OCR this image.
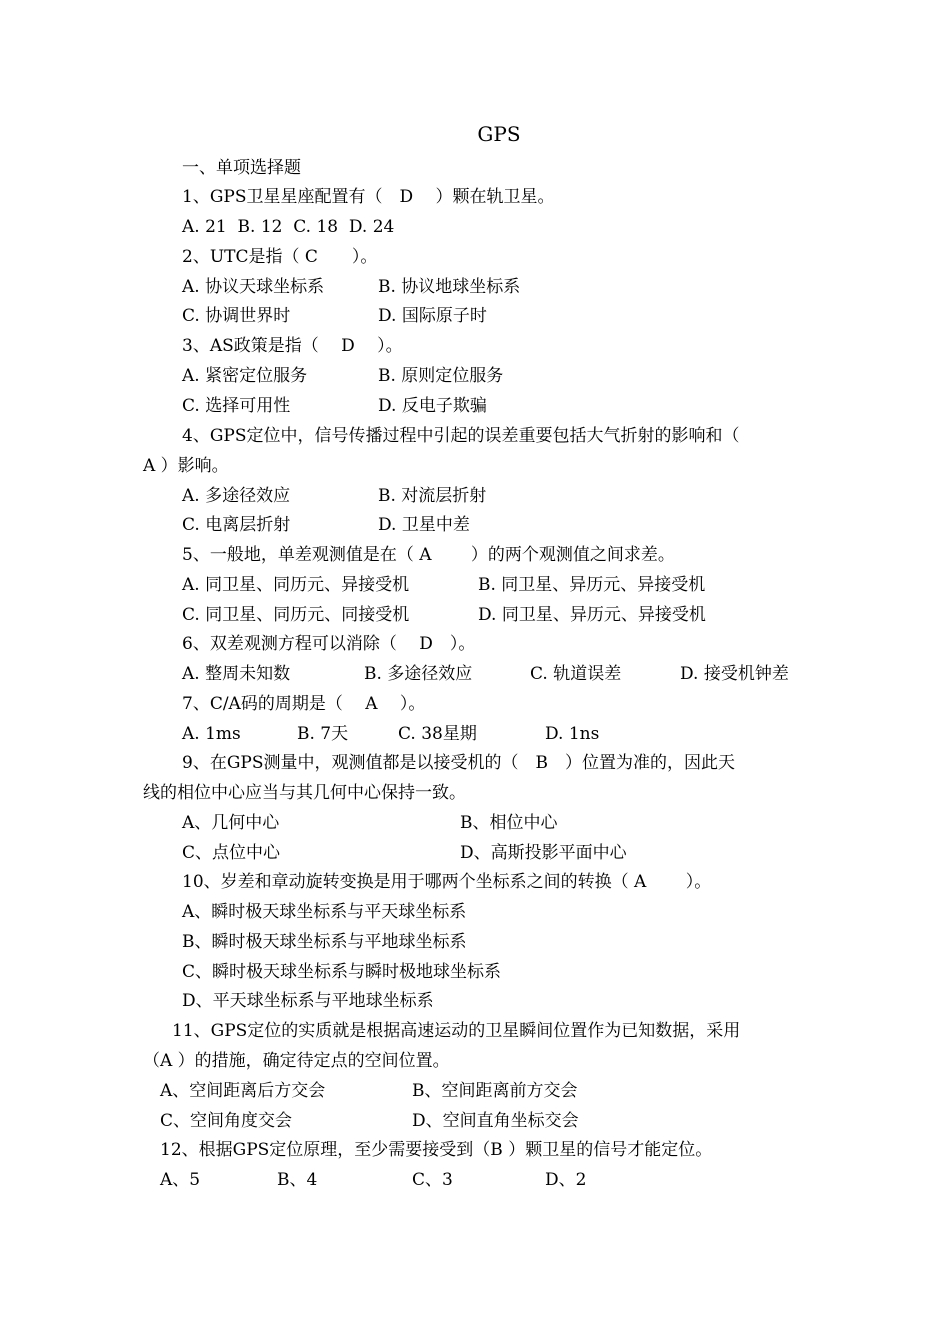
GPS
一、单项选择题
1、GPS卫星星座配置有（　D　 ）颗在轨卫星。
A. 21  B. 12  C. 18  D. 24
2、UTC是指（ C　　）。
A. 协议天球坐标系	B. 协议地球坐标系
C. 协调世界时	D. 国际原子时
3、AS政策是指（　 D　 ）。
A. 紧密定位服务	B. 原则定位服务
C. 选择可用性	D. 反电子欺骗
4、GPS定位中，信号传播过程中引起的误差重要包括大气折射的影响和（
A ）影响。
A. 多途径效应	B. 对流层折射
C. 电离层折射	D. 卫星中差
5、一般地，单差观测值是在（ A　　 ）的两个观测值之间求差。
A. 同卫星、同历元、异接受机	B. 同卫星、异历元、异接受机
C. 同卫星、同历元、同接受机	D. 同卫星、异历元、异接受机
6、双差观测方程可以消除（　 D　）。
A. 整周未知数	B. 多途径效应	C. 轨道误差	D. 接受机钟差
7、C/A码的周期是（　 A　 ）。
A. 1ms	B. 7天	C. 38星期	D. 1ns
9、在GPS测量中，观测值都是以接受机的（　B　）位置为准的，因此天
线的相位中心应当与其几何中心保持一致。
A、几何中心	B、相位中心
C、点位中心	D、高斯投影平面中心
10、岁差和章动旋转变换是用于哪两个坐标系之间的转换（ A　　 ）。
A、瞬时极天球坐标系与平天球坐标系
B、瞬时极天球坐标系与平地球坐标系
C、瞬时极天球坐标系与瞬时极地球坐标系
D、平天球坐标系与平地球坐标系
11、GPS定位的实质就是根据高速运动的卫星瞬间位置作为已知数据，采用
（A ）的措施，确定待定点的空间位置。
A、空间距离后方交会	B、空间距离前方交会
C、空间角度交会	D、空间直角坐标交会
12、根据GPS定位原理，至少需要接受到（B ）颗卫星的信号才能定位。
A、5	B、4	C、3	D、2
